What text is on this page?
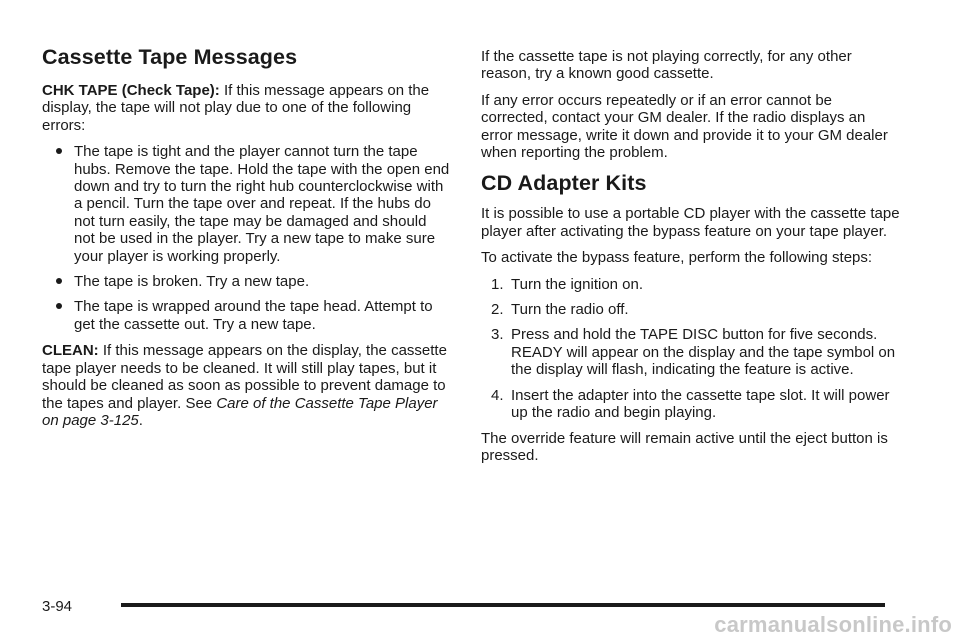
Cassette Tape Messages

CHK TAPE (Check Tape): If this message appears on the display, the tape will not play due to one of the following errors:

The tape is tight and the player cannot turn the tape hubs. Remove the tape. Hold the tape with the open end down and try to turn the right hub counterclockwise with a pencil. Turn the tape over and repeat. If the hubs do not turn easily, the tape may be damaged and should not be used in the player. Try a new tape to make sure your player is working properly.
The tape is broken. Try a new tape.
The tape is wrapped around the tape head. Attempt to get the cassette out. Try a new tape.

CLEAN: If this message appears on the display, the cassette tape player needs to be cleaned. It will still play tapes, but it should be cleaned as soon as possible to prevent damage to the tapes and player. See Care of the Cassette Tape Player on page 3-125.

If the cassette tape is not playing correctly, for any other reason, try a known good cassette.

If any error occurs repeatedly or if an error cannot be corrected, contact your GM dealer. If the radio displays an error message, write it down and provide it to your GM dealer when reporting the problem.

CD Adapter Kits

It is possible to use a portable CD player with the cassette tape player after activating the bypass feature on your tape player.

To activate the bypass feature, perform the following steps:

1. Turn the ignition on.
2. Turn the radio off.
3. Press and hold the TAPE DISC button for five seconds. READY will appear on the display and the tape symbol on the display will flash, indicating the feature is active.
4. Insert the adapter into the cassette tape slot. It will power up the radio and begin playing.

The override feature will remain active until the eject button is pressed.

3-94
carmanualsonline.info
